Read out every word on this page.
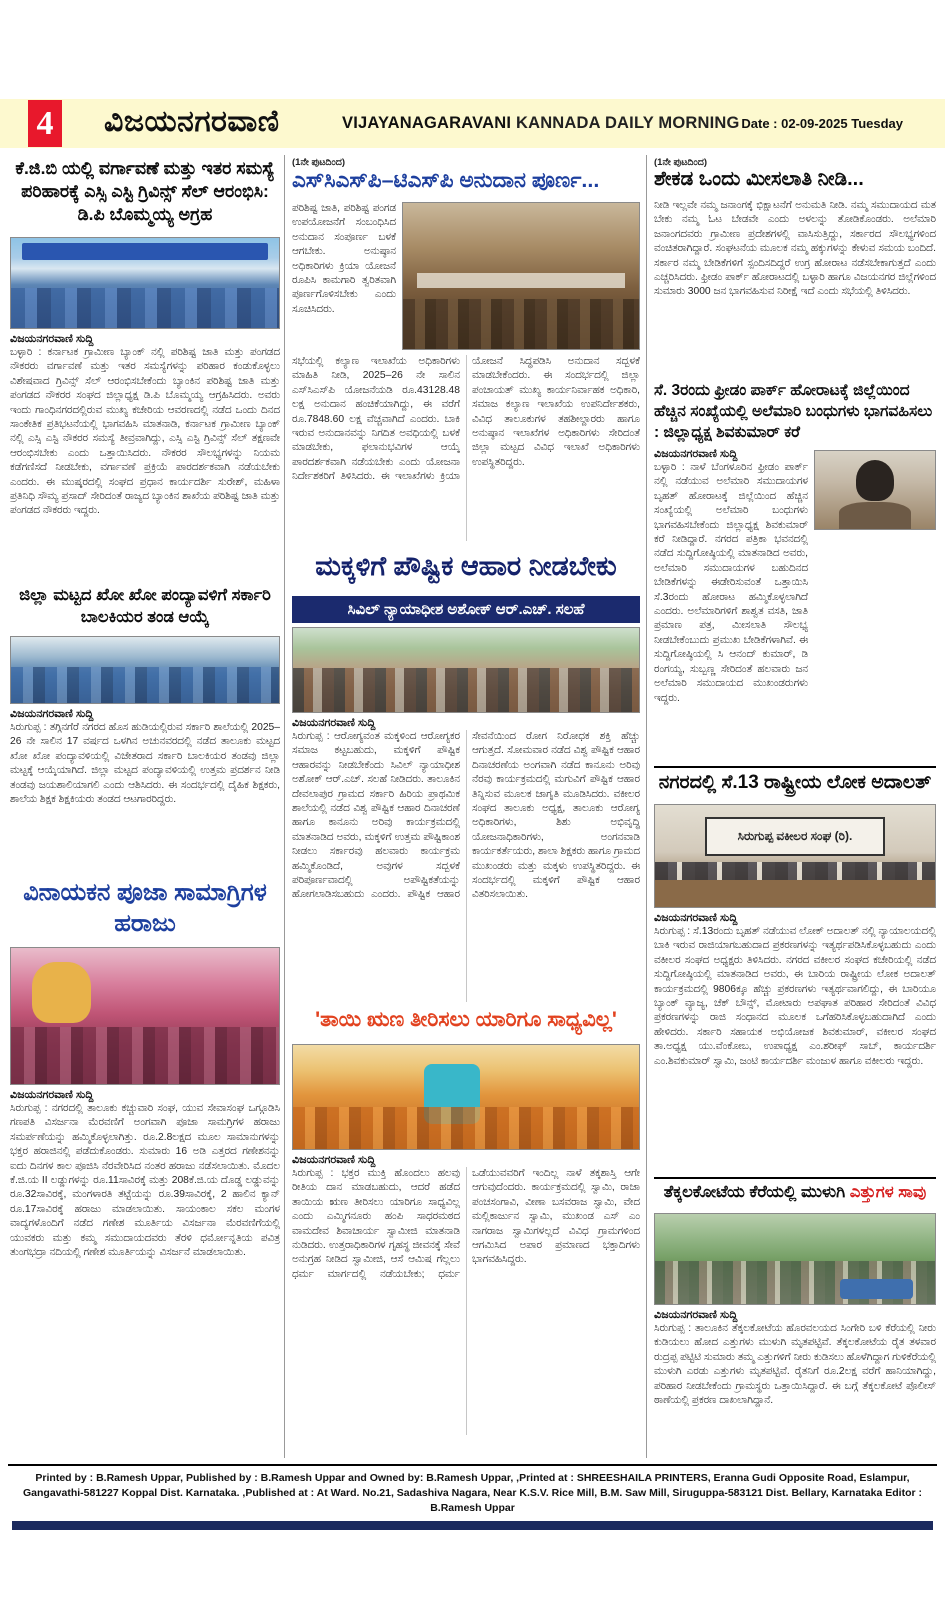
4 ವಿಜಯನಗರವಾಣಿ	VIJAYANAGARAVANI KANNADA DAILY MORNING Date : 02-09-2025 Tuesday
ಕೆ.ಜಿ.ಬಿ ಯಲ್ಲಿ ವರ್ಗಾವಣೆ ಮತ್ತು ಇತರ ಸಮಸ್ಯೆ ಪರಿಹಾರಕ್ಕೆ ಎಸ್ಸಿ ಎಸ್ಟಿ ಗ್ರಿವಿನ್ಸ್ ಸೆಲ್ ಆರಂಭಿಸಿ: ಡಿ.ಪಿ ಬೊಮ್ಮಯ್ಯ ಅಗ್ರಹ
ವಿಜಯನಗರವಾಣಿ ಸುದ್ದಿ
ಬಳ್ಳಾರಿ : ಕರ್ನಾಟಕ ಗ್ರಾಮೀಣ ಬ್ಯಾಂಕ್ ನಲ್ಲಿ ಪರಿಶಿಷ್ಟ ಜಾತಿ ಮತ್ತು ಪಂಗಡದ ನೌಕರರು ವರ್ಗಾವಣೆ ಮತ್ತು ಇತರ ಸಮಸ್ಯೆಗಳನ್ನು ಪರಿಹಾರ ಕಂಡುಕೊಳ್ಳಲು ವಿಶೇಷವಾದ ಗ್ರಿವಿನ್ಸ್ ಸೆಲ್ ಆರಂಭಿಸಬೇಕೆಂದು ಬ್ಯಾಂಕಿನ ಪರಿಶಿಷ್ಟ ಜಾತಿ ಮತ್ತು ಪಂಗಡದ ನೌಕರರ ಸಂಘದ ಜಿಲ್ಲಾಧ್ಯಕ್ಷ ಡಿ.ಪಿ ಬೊಮ್ಮಯ್ಯ ಆಗ್ರಹಿಸಿದರು. ಅವರು ಇಂದು ಗಾಂಧಿನಗರದಲ್ಲಿರುವ ಮುಖ್ಯ ಕಚೇರಿಯ ಆವರಣದಲ್ಲಿ ನಡೆದ ಒಂದು ದಿನದ ಸಾಂಕೇತಿಕ ಪ್ರತಿಭಟನೆಯಲ್ಲಿ ಭಾಗವಹಿಸಿ ಮಾತನಾಡಿ, ಕರ್ನಾಟಕ ಗ್ರಾಮೀಣ ಬ್ಯಾಂಕ್ ನಲ್ಲಿ ಎಸ್ಸಿ ಎಸ್ಟಿ ನೌಕರರ ಸಮಸ್ಯೆ ತೀವ್ರವಾಗಿದ್ದು, ಎಸ್ಸಿ ಎಸ್ಟಿ ಗ್ರಿವಿನ್ಸ್ ಸೆಲ್ ತಕ್ಷಣವೇ ಆರಂಭಿಸಬೇಕು ಎಂದು ಒತ್ತಾಯಿಸಿದರು. ನೌಕರರ ಸೌಲಭ್ಯಗಳನ್ನು ನಿಯಮ ಕಡೆಗಣಿಸದೆ ನೀಡಬೇಕು, ವರ್ಗಾವಣೆ ಪ್ರಕ್ರಿಯೆ ಪಾರದರ್ಶಕವಾಗಿ ನಡೆಯಬೇಕು ಎಂದರು. ಈ ಮುಷ್ಕರದಲ್ಲಿ ಸಂಘದ ಪ್ರಧಾನ ಕಾರ್ಯದರ್ಶಿ ಸುರೇಶ್, ಮಹಿಳಾ ಪ್ರತಿನಿಧಿ ಸೌಮ್ಯ ಪ್ರಸಾದ್ ಸೇರಿದಂತೆ ರಾಜ್ಯದ ಬ್ಯಾಂಕಿನ ಶಾಖೆಯ ಪರಿಶಿಷ್ಟ ಜಾತಿ ಮತ್ತು ಪಂಗಡದ ನೌಕರರು ಇದ್ದರು.
ಜಿಲ್ಲಾ ಮಟ್ಟದ ಖೋ ಖೋ ಪಂದ್ಯಾವಳಿಗೆ ಸರ್ಕಾರಿ ಬಾಲಕಿಯರ ತಂಡ ಆಯ್ಕೆ
ವಿಜಯನಗರವಾಣಿ ಸುದ್ದಿ
ಸಿರುಗುಪ್ಪ : ತಗ್ಗಿನಗೆರೆ ನಗರದ ಹೊಸ ಹುಡಿಯಲ್ಲಿರುವ ಸರ್ಕಾರಿ ಶಾಲೆಯಲ್ಲಿ 2025–26 ನೇ ಸಾಲಿನ 17 ವರ್ಷದ ಒಳಗಿನ ಅಚುನವರದಲ್ಲಿ ನಡೆದ ತಾಲೂಕು ಮಟ್ಟದ ಖೋ ಖೋ ಪಂದ್ಯಾವಳಿಯಲ್ಲಿ ವಿಜೇತರಾದ ಸರ್ಕಾರಿ ಬಾಲಕಿಯರ ತಂಡವು ಜಿಲ್ಲಾ ಮಟ್ಟಕ್ಕೆ ಆಯ್ಕೆಯಾಗಿದೆ. ಜಿಲ್ಲಾ ಮಟ್ಟದ ಪಂದ್ಯಾವಳಿಯಲ್ಲಿ ಉತ್ತಮ ಪ್ರದರ್ಶನ ನೀಡಿ ತಂಡವು ಜಯಶಾಲಿಯಾಗಲಿ ಎಂದು ಆಶಿಸಿದರು. ಈ ಸಂದರ್ಭದಲ್ಲಿ ದೈಹಿಕ ಶಿಕ್ಷಕರು, ಶಾಲೆಯ ಶಿಕ್ಷಕ ಶಿಕ್ಷಕಿಯರು ತಂಡದ ಆಟಗಾರರಿದ್ದರು.
ವಿನಾಯಕನ ಪೂಜಾ ಸಾಮಾಗ್ರಿಗಳ ಹರಾಜು
ವಿಜಯನಗರವಾಣಿ ಸುದ್ದಿ
ಸಿರುಗುಪ್ಪ : ನಗರದಲ್ಲಿ ತಾಲೂಕು ಕಚ್ಚುವಾರಿ ಸಂಘ, ಯುವ ಸೇವಾಸಂಘ ಒಗ್ಗೂಡಿಸಿ ಗಣಪತಿ ವಿಸರ್ಜನಾ ಮೆರವಣಿಗೆ ಅಂಗವಾಗಿ ಪೂಜಾ ಸಾಮಗ್ರಿಗಳ ಹರಾಜು ಸಮರ್ಪಣೆಯನ್ನು ಹಮ್ಮಿಕೊಳ್ಳಲಾಗಿತ್ತು. ರೂ.2.8ಲಕ್ಷದ ಮೂಲ ಸಾಮಾನುಗಳನ್ನು ಭಕ್ತರ ಹರಾಜಿನಲ್ಲಿ ಪಡೆದುಕೊಂಡರು. ಸುಮಾರು 16 ಅಡಿ ಎತ್ತರದ ಗಣೇಶನನ್ನು ಐದು ದಿನಗಳ ಕಾಲ ಪೂಜಿಸಿ ನೆರವೇರಿಸಿದ ನಂತರ ಹರಾಜು ನಡೆಸಲಾಯಿತು. ಮೊದಲ ಕೆ.ಜಿ.ಯ II ಲಡ್ಡುಗಳನ್ನು ರೂ.11ಸಾವಿರಕ್ಕೆ ಮತ್ತು 208ಕೆ.ಜಿ.ಯ ದೊಡ್ಡ ಲಡ್ಡುವನ್ನು ರೂ.32ಸಾವಿರಕ್ಕೆ, ಮಂಗಳಾರತಿ ತಟ್ಟೆಯನ್ನು ರೂ.39ಸಾವಿರಕ್ಕೆ, 2 ಹಾಲಿನ ಕ್ಯಾನ್ ರೂ.17ಸಾವಿರಕ್ಕೆ ಹರಾಜು ಮಾಡಲಾಯಿತು. ಸಾಯಂಕಾಲ ಸಕಲ ಮಂಗಳ ವಾದ್ಯಗಳೊಂದಿಗೆ ನಡೆದ ಗಣೇಶ ಮೂರ್ತಿಯ ವಿಸರ್ಜನಾ ಮೆರವಣಿಗೆಯಲ್ಲಿ ಯುವಕರು ಮತ್ತು ಕಮ್ಮ ಸಮುದಾಯದವರು ತೆರಳಿ ಧರ್ಮೋನ್ನತಿಯ ಪವಿತ್ರ ತುಂಗಭದ್ರಾ ನದಿಯಲ್ಲಿ ಗಣೇಶ ಮೂರ್ತಿಯನ್ನು ವಿಸರ್ಜನೆ ಮಾಡಲಾಯಿತು.
(1ನೇ ಪುಟದಿಂದ)
ಎಸ್‌ಸಿಎಸ್‌ಪಿ–ಟಿಎಸ್‌ಪಿ ಅನುದಾನ ಪೂರ್ಣ...
ಪರಿಶಿಷ್ಟ ಜಾತಿ, ಪರಿಶಿಷ್ಟ ಪಂಗಡ ಉಪಯೋಜನೆಗೆ ಸಂಬಂಧಿಸಿದ ಅನುದಾನ ಸಂಪೂರ್ಣ ಬಳಕೆ ಆಗಬೇಕು. ಅನುಷ್ಠಾನ ಅಧಿಕಾರಿಗಳು ಕ್ರಿಯಾ ಯೋಜನೆ ರೂಪಿಸಿ ಕಾಮಗಾರಿ ತ್ವರಿತವಾಗಿ ಪೂರ್ಣಗೊಳಿಸಬೇಕು ಎಂದು ಸೂಚಿಸಿದರು.
ಸಭೆಯಲ್ಲಿ ಕಲ್ಯಾಣ ಇಲಾಖೆಯ ಅಧಿಕಾರಿಗಳು ಮಾಹಿತಿ ನೀಡಿ, 2025–26 ನೇ ಸಾಲಿನ ಎಸ್‌ಸಿಎಸ್‌ಪಿ ಯೋಜನೆಯಡಿ ರೂ.43128.48 ಲಕ್ಷ ಅನುದಾನ ಹಂಚಿಕೆಯಾಗಿದ್ದು, ಈ ವರೆಗೆ ರೂ.7848.60 ಲಕ್ಷ ವೆಚ್ಚವಾಗಿದೆ ಎಂದರು. ಬಾಕಿ ಇರುವ ಅನುದಾನವನ್ನು ನಿಗದಿತ ಅವಧಿಯಲ್ಲಿ ಬಳಕೆ ಮಾಡಬೇಕು, ಫಲಾನುಭವಿಗಳ ಆಯ್ಕೆ ಪಾರದರ್ಶಕವಾಗಿ ನಡೆಯಬೇಕು ಎಂದು ಯೋಜನಾ ನಿರ್ದೇಶಕರಿಗೆ ತಿಳಿಸಿದರು. ಈ ಇಲಾಖೆಗಳು ಕ್ರಿಯಾ ಯೋಜನೆ ಸಿದ್ಧಪಡಿಸಿ ಅನುದಾನ ಸದ್ಬಳಕೆ ಮಾಡಬೇಕೆಂದರು. ಈ ಸಂದರ್ಭದಲ್ಲಿ ಜಿಲ್ಲಾ ಪಂಚಾಯತ್ ಮುಖ್ಯ ಕಾರ್ಯನಿರ್ವಾಹಕ ಅಧಿಕಾರಿ, ಸಮಾಜ ಕಲ್ಯಾಣ ಇಲಾಖೆಯ ಉಪನಿರ್ದೇಶಕರು, ವಿವಿಧ ತಾಲೂಕುಗಳ ತಹಶೀಲ್ದಾರರು ಹಾಗೂ ಅನುಷ್ಠಾನ ಇಲಾಖೆಗಳ ಅಧಿಕಾರಿಗಳು ಸೇರಿದಂತೆ ಜಿಲ್ಲಾ ಮಟ್ಟದ ವಿವಿಧ ಇಲಾಖೆ ಅಧಿಕಾರಿಗಳು ಉಪಸ್ಥಿತರಿದ್ದರು.
ಮಕ್ಕಳಿಗೆ ಪೌಷ್ಟಿಕ ಆಹಾರ ನೀಡಬೇಕು
ಸಿವಿಲ್ ನ್ಯಾಯಾಧೀಶ ಅಶೋಕ್ ಆರ್.ಎಚ್. ಸಲಹೆ
ವಿಜಯನಗರವಾಣಿ ಸುದ್ದಿ
ಸಿರುಗುಪ್ಪ : ಆರೋಗ್ಯವಂತ ಮಕ್ಕಳಿಂದ ಆರೋಗ್ಯಕರ ಸಮಾಜ ಕಟ್ಟಬಹುದು, ಮಕ್ಕಳಿಗೆ ಪೌಷ್ಟಿಕ ಆಹಾರವನ್ನು ನೀಡಬೇಕೆಂದು ಸಿವಿಲ್ ನ್ಯಾಯಾಧೀಶ ಅಶೋಕ್ ಆರ್.ಎಚ್. ಸಲಹೆ ನೀಡಿದರು. ತಾಲೂಕಿನ ದೇವಲಾಪುರ ಗ್ರಾಮದ ಸರ್ಕಾರಿ ಹಿರಿಯ ಪ್ರಾಥಮಿಕ ಶಾಲೆಯಲ್ಲಿ ನಡೆದ ವಿಶ್ವ ಪೌಷ್ಟಿಕ ಆಹಾರ ದಿನಾಚರಣೆ ಹಾಗೂ ಕಾನೂನು ಅರಿವು ಕಾರ್ಯಕ್ರಮದಲ್ಲಿ ಮಾತನಾಡಿದ ಅವರು, ಮಕ್ಕಳಿಗೆ ಉತ್ತಮ ಪೌಷ್ಟಿಕಾಂಶ ನೀಡಲು ಸರ್ಕಾರವು ಹಲವಾರು ಕಾರ್ಯಕ್ರಮ ಹಮ್ಮಿಕೊಂಡಿದೆ, ಅವುಗಳ ಸದ್ಬಳಕೆ ಪರಿಪೂರ್ಣವಾದಲ್ಲಿ ಅಪೌಷ್ಟಿಕತೆಯನ್ನು ಹೋಗಲಾಡಿಸಬಹುದು ಎಂದರು. ಪೌಷ್ಟಿಕ ಆಹಾರ ಸೇವನೆಯಿಂದ ರೋಗ ನಿರೋಧಕ ಶಕ್ತಿ ಹೆಚ್ಚು ಆಗುತ್ತದೆ. ಸೋಮವಾರ ನಡೆದ ವಿಶ್ವ ಪೌಷ್ಟಿಕ ಆಹಾರ ದಿನಾಚರಣೆಯ ಅಂಗವಾಗಿ ನಡೆದ ಕಾನೂನು ಅರಿವು ನೆರವು ಕಾರ್ಯಕ್ರಮದಲ್ಲಿ ಮಗುವಿಗೆ ಪೌಷ್ಟಿಕ ಆಹಾರ ತಿನ್ನಿಸುವ ಮೂಲಕ ಜಾಗೃತಿ ಮೂಡಿಸಿದರು. ವಕೀಲರ ಸಂಘದ ತಾಲೂಕು ಅಧ್ಯಕ್ಷ, ತಾಲೂಕು ಆರೋಗ್ಯ ಅಧಿಕಾರಿಗಳು, ಶಿಶು ಅಭಿವೃದ್ಧಿ ಯೋಜನಾಧಿಕಾರಿಗಳು, ಅಂಗನವಾಡಿ ಕಾರ್ಯಕರ್ತೆಯರು, ಶಾಲಾ ಶಿಕ್ಷಕರು ಹಾಗೂ ಗ್ರಾಮದ ಮುಖಂಡರು ಮತ್ತು ಮಕ್ಕಳು ಉಪಸ್ಥಿತರಿದ್ದರು. ಈ ಸಂದರ್ಭದಲ್ಲಿ ಮಕ್ಕಳಿಗೆ ಪೌಷ್ಟಿಕ ಆಹಾರ ವಿತರಿಸಲಾಯಿತು.
'ತಾಯಿ ಋಣ ತೀರಿಸಲು ಯಾರಿಗೂ ಸಾಧ್ಯವಿಲ್ಲ'
ವಿಜಯನಗರವಾಣಿ ಸುದ್ದಿ
ಸಿರುಗುಪ್ಪ : ಭಕ್ತರ ಮುಕ್ತಿ ಹೊಂದಲು ಹಲವು ರೀತಿಯ ದಾನ ಮಾಡಬಹುದು, ಆದರೆ ಹಡೆದ ತಾಯಿಯ ಋಣ ತೀರಿಸಲು ಯಾರಿಗೂ ಸಾಧ್ಯವಿಲ್ಲ ಎಂದು ಎಮ್ಮಿಗನೂರು ಹಂಪಿ ಸಾಧರಮಠದ ವಾಮದೇವ ಶಿವಾಚಾರ್ಯ ಸ್ವಾಮೀಜಿ ಮಾತನಾಡಿ ನುಡಿದರು. ಉತ್ತರಾಧಿಕಾರಿಗಳ ಗೃಹಸ್ಥ ಜೀವನಕ್ಕೆ ಸೇವೆ ಅನುಗ್ರಹ ನೀಡಿದ ಸ್ವಾಮೀಜಿ, ಆಸೆ ಆಮಿಷ ಗೆಲ್ಲಲು ಧರ್ಮ ಮಾರ್ಗದಲ್ಲಿ ನಡೆಯಬೇಕು; ಧರ್ಮ ಒಡೆಯುವವರಿಗೆ ಇಂದಿಲ್ಲ ನಾಳೆ ತಕ್ಕಶಾಸ್ತಿ ಆಗೇ ಆಗುವುದೆಂದರು. ಕಾರ್ಯಕ್ರಮದಲ್ಲಿ ಸ್ವಾಮಿ, ರಾಜಾ ಪಂಚಸಂಗಾವಿ, ವೀಣಾ ಬಸವರಾಜ ಸ್ವಾಮಿ, ವೇದ ಮಲ್ಲಿಕಾರ್ಜುನ ಸ್ವಾಮಿ, ಮುಖಂಡ ಎಸ್ ಎಂ ನಾಗರಾಜ ಸ್ವಾಮಿಗಳಲ್ಲದೆ ವಿವಿಧ ಗ್ರಾಮಗಳಿಂದ ಆಗಮಿಸಿದ ಅಪಾರ ಪ್ರಮಾಣದ ಭಕ್ತಾದಿಗಳು ಭಾಗವಹಿಸಿದ್ದರು.
(1ನೇ ಪುಟದಿಂದ)
ಶೇಕಡ ಒಂದು ಮೀಸಲಾತಿ ನೀಡಿ...
ನೀಡಿ ಇಲ್ಲವೇ ನಮ್ಮ ಜನಾಂಗಕ್ಕೆ ಭಿಕ್ಷಾಟನೆಗೆ ಅನುಮತಿ ನೀಡಿ. ನಮ್ಮ ಸಮುದಾಯದ ಮತ ಬೇಕು ನಮ್ಮ ಓಟ ಬೇಡವೇ ಎಂದು ಅಳಲನ್ನು ತೋಡಿಕೊಂಡರು. ಅಲೆಮಾರಿ ಜನಾಂಗದವರು ಗ್ರಾಮೀಣ ಪ್ರದೇಶಗಳಲ್ಲಿ ವಾಸಿಸುತ್ತಿದ್ದು, ಸರ್ಕಾರದ ಸೌಲಭ್ಯಗಳಿಂದ ವಂಚಿತರಾಗಿದ್ದಾರೆ. ಸಂಘಟನೆಯ ಮೂಲಕ ನಮ್ಮ ಹಕ್ಕುಗಳನ್ನು ಕೇಳುವ ಸಮಯ ಬಂದಿದೆ. ಸರ್ಕಾರ ನಮ್ಮ ಬೇಡಿಕೆಗಳಿಗೆ ಸ್ಪಂದಿಸದಿದ್ದರೆ ಉಗ್ರ ಹೋರಾಟ ನಡೆಸಬೇಕಾಗುತ್ತದೆ ಎಂದು ಎಚ್ಚರಿಸಿದರು. ಫ್ರೀಡಂ ಪಾರ್ಕ್ ಹೋರಾಟದಲ್ಲಿ ಬಳ್ಳಾರಿ ಹಾಗೂ ವಿಜಯನಗರ ಜಿಲ್ಲೆಗಳಿಂದ ಸುಮಾರು 3000 ಜನ ಭಾಗವಹಿಸುವ ನಿರೀಕ್ಷೆ ಇದೆ ಎಂದು ಸಭೆಯಲ್ಲಿ ತಿಳಿಸಿದರು.
ಸೆ. 3ರಂದು ಫ್ರೀಡಂ ಪಾರ್ಕ್ ಹೋರಾಟಕ್ಕೆ ಜಿಲ್ಲೆಯಿಂದ ಹೆಚ್ಚಿನ ಸಂಖ್ಯೆಯಲ್ಲಿ ಅಲೆಮಾರಿ ಬಂಧುಗಳು ಭಾಗವಹಿಸಲು : ಜಿಲ್ಲಾಧ್ಯಕ್ಷ ಶಿವಕುಮಾರ್ ಕರೆ
ವಿಜಯನಗರವಾಣಿ ಸುದ್ದಿ
ಬಳ್ಳಾರಿ : ನಾಳೆ ಬೆಂಗಳೂರಿನ ಫ್ರೀಡಂ ಪಾರ್ಕ್ ನಲ್ಲಿ ನಡೆಯುವ ಅಲೆಮಾರಿ ಸಮುದಾಯಗಳ ಬೃಹತ್ ಹೋರಾಟಕ್ಕೆ ಜಿಲ್ಲೆಯಿಂದ ಹೆಚ್ಚಿನ ಸಂಖ್ಯೆಯಲ್ಲಿ ಅಲೆಮಾರಿ ಬಂಧುಗಳು ಭಾಗವಹಿಸಬೇಕೆಂದು ಜಿಲ್ಲಾಧ್ಯಕ್ಷ ಶಿವಕುಮಾರ್ ಕರೆ ನೀಡಿದ್ದಾರೆ. ನಗರದ ಪತ್ರಿಕಾ ಭವನದಲ್ಲಿ ನಡೆದ ಸುದ್ದಿಗೋಷ್ಠಿಯಲ್ಲಿ ಮಾತನಾಡಿದ ಅವರು, ಅಲೆಮಾರಿ ಸಮುದಾಯಗಳ ಬಹುದಿನದ ಬೇಡಿಕೆಗಳನ್ನು ಈಡೇರಿಸುವಂತೆ ಒತ್ತಾಯಿಸಿ ಸೆ.3ರಂದು ಹೋರಾಟ ಹಮ್ಮಿಕೊಳ್ಳಲಾಗಿದೆ ಎಂದರು. ಅಲೆಮಾರಿಗಳಿಗೆ ಶಾಶ್ವತ ವಸತಿ, ಜಾತಿ ಪ್ರಮಾಣ ಪತ್ರ, ಮೀಸಲಾತಿ ಸೌಲಭ್ಯ ನೀಡಬೇಕೆಂಬುದು ಪ್ರಮುಖ ಬೇಡಿಕೆಗಳಾಗಿವೆ. ಈ ಸುದ್ದಿಗೋಷ್ಠಿಯಲ್ಲಿ ಸಿ ಆನಂದ್ ಕುಮಾರ್, ಡಿ ರಂಗಯ್ಯ, ಸುಬ್ಬಣ್ಣ ಸೇರಿದಂತೆ ಹಲವಾರು ಜನ ಅಲೆಮಾರಿ ಸಮುದಾಯದ ಮುಖಂಡರುಗಳು ಇದ್ದರು.
ನಗರದಲ್ಲಿ ಸೆ.13 ರಾಷ್ಟ್ರೀಯ ಲೋಕ ಅದಾಲತ್
ಸಿರುಗುಪ್ಪ ವಕೀಲರ ಸಂಘ (ರಿ).
ವಿಜಯನಗರವಾಣಿ ಸುದ್ದಿ
ಸಿರುಗುಪ್ಪ : ಸೆ.13ರಂದು ಬೃಹತ್ ನಡೆಯುವ ಲೋಕ್ ಅದಾಲತ್ ನಲ್ಲಿ ನ್ಯಾಯಾಲಯದಲ್ಲಿ ಬಾಕಿ ಇರುವ ರಾಜಿಯಾಗಬಹುದಾದ ಪ್ರಕರಣಗಳನ್ನು ಇತ್ಯರ್ಥಪಡಿಸಿಕೊಳ್ಳಬಹುದು ಎಂದು ವಕೀಲರ ಸಂಘದ ಅಧ್ಯಕ್ಷರು ತಿಳಿಸಿದರು. ನಗರದ ವಕೀಲರ ಸಂಘದ ಕಚೇರಿಯಲ್ಲಿ ನಡೆದ ಸುದ್ದಿಗೋಷ್ಠಿಯಲ್ಲಿ ಮಾತನಾಡಿದ ಅವರು, ಈ ಬಾರಿಯ ರಾಷ್ಟ್ರೀಯ ಲೋಕ ಅದಾಲತ್ ಕಾರ್ಯಕ್ರಮದಲ್ಲಿ 9806ಕ್ಕೂ ಹೆಚ್ಚು ಪ್ರಕರಣಗಳು ಇತ್ಯರ್ಥವಾಗಲಿದ್ದು, ಈ ಬಾರಿಯೂ ಬ್ಯಾಂಕ್ ವ್ಯಾಜ್ಯ, ಚೆಕ್ ಬೌನ್ಸ್, ಮೋಟಾರು ಅಪಘಾತ ಪರಿಹಾರ ಸೇರಿದಂತೆ ವಿವಿಧ ಪ್ರಕರಣಗಳನ್ನು ರಾಜಿ ಸಂಧಾನದ ಮೂಲಕ ಒಗೆಹರಿಸಿಕೊಳ್ಳಬಹುದಾಗಿದೆ ಎಂದು ಹೇಳಿದರು. ಸರ್ಕಾರಿ ಸಹಾಯಕ ಅಭಿಯೋಜಕ ಶಿವಕುಮಾರ್, ವಕೀಲರ ಸಂಘದ ತಾ.ಅಧ್ಯಕ್ಷ ಯು.ವೆಂಕೋಬ, ಉಪಾಧ್ಯಕ್ಷ ಎಂ.ಶರೀಫ್ ಸಾಬ್, ಕಾರ್ಯದರ್ಶಿ ಎಂ.ಶಿವಕುಮಾರ್ ಸ್ವಾಮಿ, ಜಂಟಿ ಕಾರ್ಯದರ್ಶಿ ಮಂಜುಳ ಹಾಗೂ ವಕೀಲರು ಇದ್ದರು.
ತೆಕ್ಕಲಕೋಟೆಯ ಕೆರೆಯಲ್ಲಿ ಮುಳುಗಿ ಎತ್ತುಗಳ ಸಾವು
ವಿಜಯನಗರವಾಣಿ ಸುದ್ದಿ
ಸಿರುಗುಪ್ಪ : ತಾಲೂಕಿನ ತೆಕ್ಕಲಕೋಟೆಯ ಹೊರವಲಯದ ಸಿಂಗೇರಿ ಬಳಿ ಕೆರೆಯಲ್ಲಿ ನೀರು ಕುಡಿಯಲು ಹೋದ ಎತ್ತುಗಳು ಮುಳುಗಿ ಮೃತಪಟ್ಟಿವೆ. ತೆಕ್ಕಲಕೋಟೆಯ ರೈತ ತಳವಾರ ರುದ್ರಪ್ಪ ಪಟ್ಟಿಟಿ ಸುಮಾರು ತಮ್ಮ ಎತ್ತುಗಳಿಗೆ ನೀರು ಕುಡಿಸಲು ಹೊಳೆಗಿದ್ದಾಗ ಗುಳಿಕೆರೆಯಲ್ಲಿ ಮುಳುಗಿ ಎರಡು ಎತ್ತುಗಳು ಮೃತಪಟ್ಟಿವೆ. ರೈತನಿಗೆ ರೂ.2ಲಕ್ಷ ವರೆಗೆ ಹಾನಿಯಾಗಿದ್ದು, ಪರಿಹಾರ ನೀಡಬೇಕೆಂದು ಗ್ರಾಮಸ್ಥರು ಒತ್ತಾಯಿಸಿದ್ದಾರೆ. ಈ ಬಗ್ಗೆ ತೆಕ್ಕಲಕೋಟೆ ಪೊಲೀಸ್ ಠಾಣೆಯಲ್ಲಿ ಪ್ರಕರಣ ದಾಖಲಾಗಿದ್ದಾನೆ.
Printed by : B.Ramesh Uppar, Published by : B.Ramesh Uppar and Owned by: B.Ramesh Uppar, ,Printed at : SHREESHAILA PRINTERS, Eranna Gudi Opposite Road, Eslampur, Gangavathi-581227 Koppal Dist. Karnataka. ,Published at : At Ward. No.21, Sadashiva Nagara, Near K.S.V. Rice Mill, B.M. Saw Mill, Siruguppa-583121 Dist. Bellary, Karnataka Editor : B.Ramesh Uppar
